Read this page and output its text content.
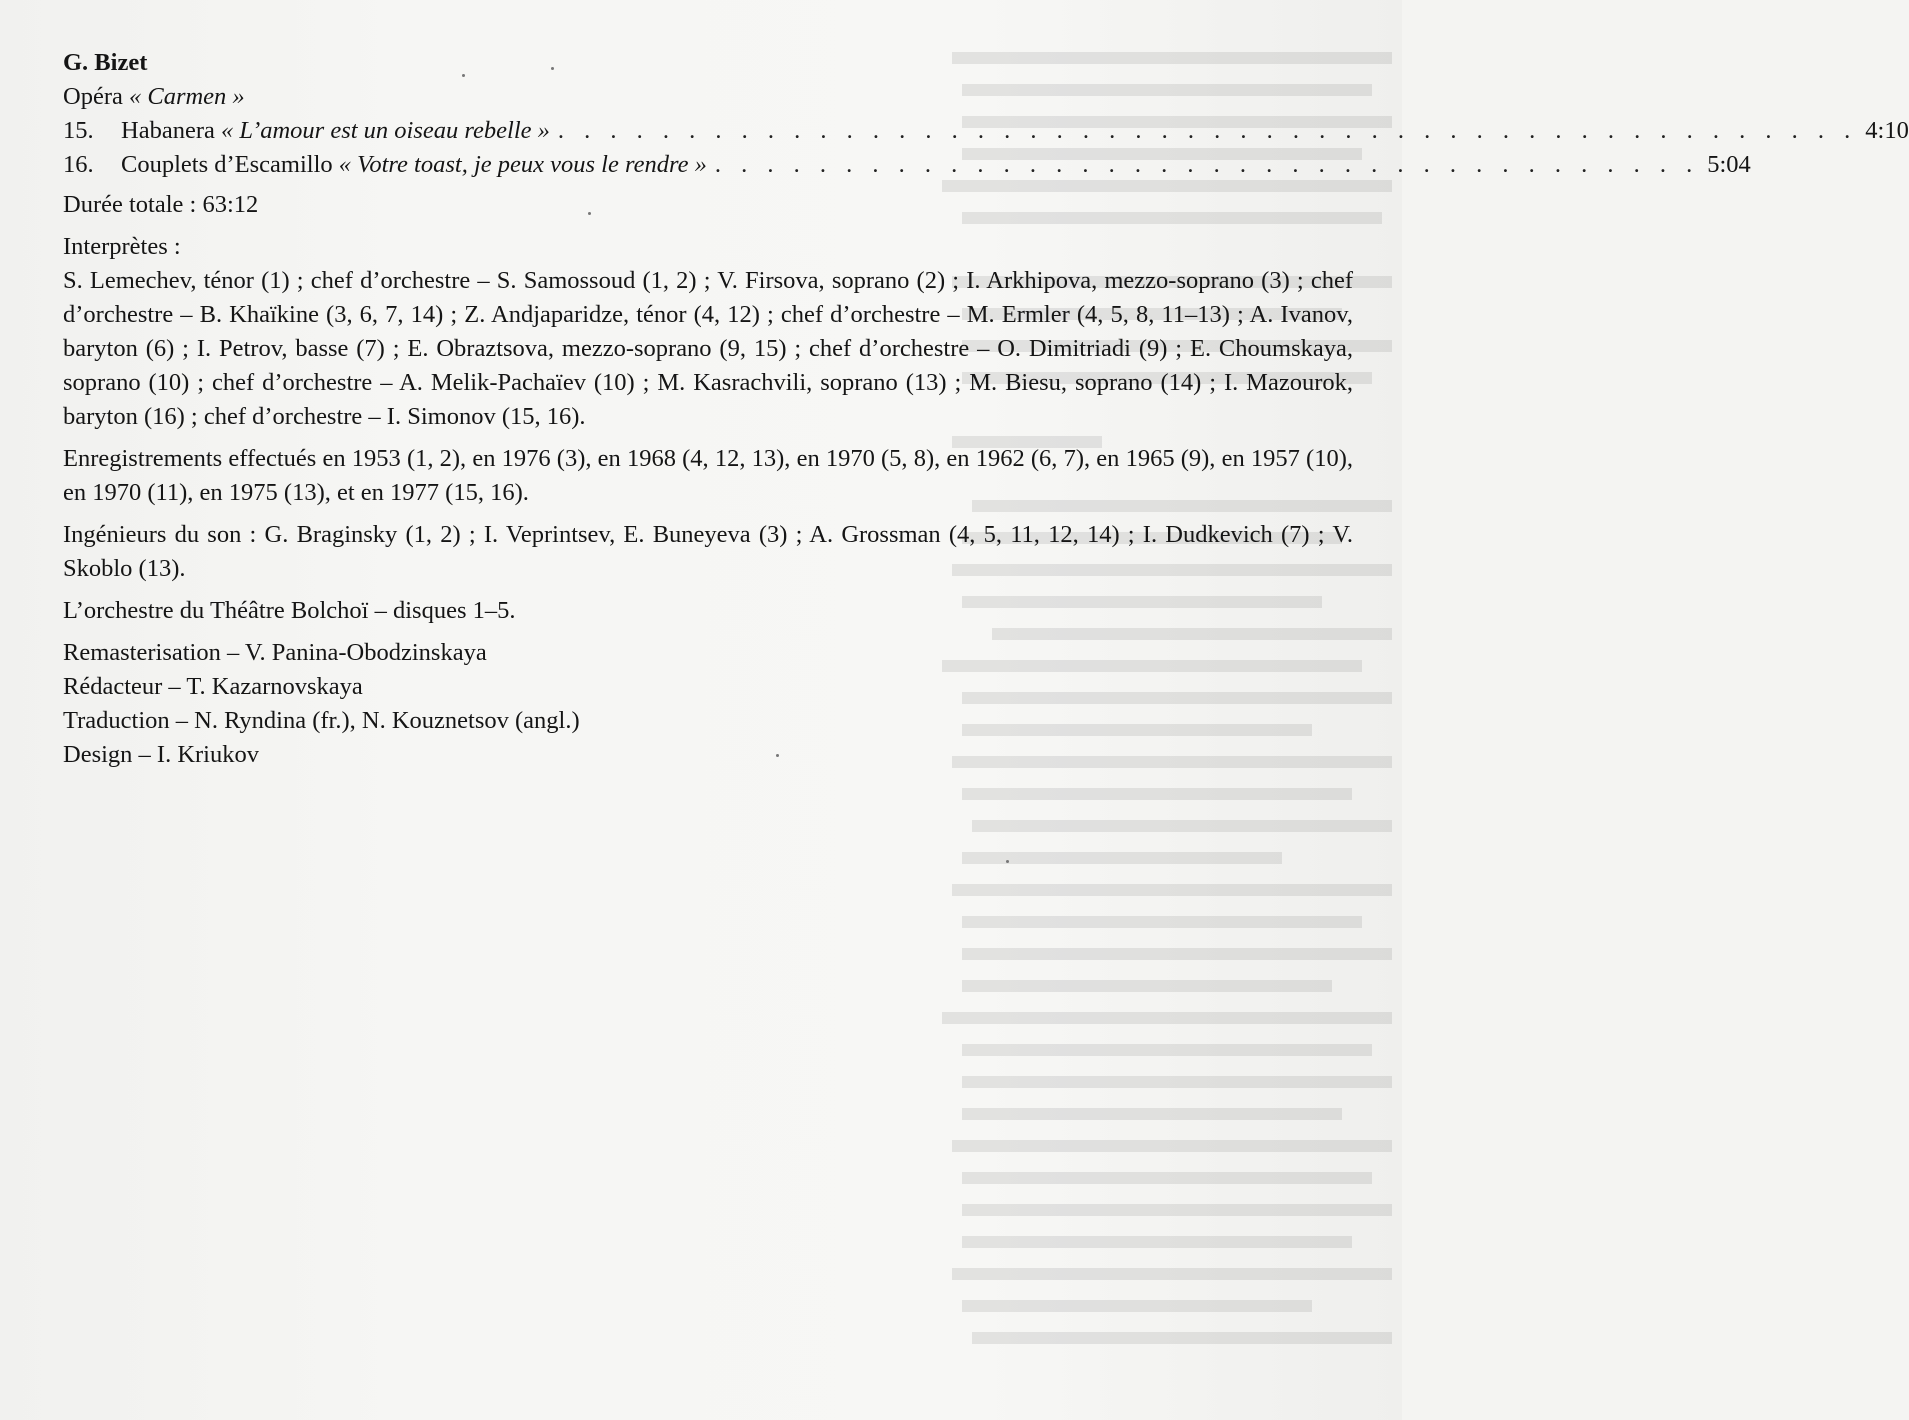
G. Bizet

Opéra « Carmen »

15.	Habanera « L’amour est un oiseau rebelle » . . . . . . . . . . . . . . . . . . . . . . . . . . . . . . . . . . . . . . . . . . . . . . . . . . 4:10
16.	Couplets d’Escamillo « Votre toast, je peux vous le rendre » . . . . . . . . . . . . . . . . . . . . . . . . . . . . . . . . . . . . . . 5:04

Durée totale : 63:12

Interprètes :

S. Lemechev, ténor (1) ; chef d’orchestre – S. Samossoud (1, 2) ; V. Firsova, soprano (2) ; I. Arkhipova, mezzo-soprano (3) ; chef d’orchestre – B. Khaïkine (3, 6, 7, 14) ; Z. Andjaparidze, ténor (4, 12) ; chef d’orchestre – M. Ermler (4, 5, 8, 11–13) ; A. Ivanov, baryton (6) ; I. Petrov, basse (7) ; E. Obraztsova, mezzo-soprano (9, 15) ; chef d’orchestre – O. Dimitriadi (9) ; E. Choumskaya, soprano (10) ; chef d’orchestre – A. Melik-Pachaïev (10) ; M. Kasrachvili, soprano (13) ; M. Biesu, soprano (14) ; I. Mazourok, baryton (16) ; chef d’orchestre – I. Simonov (15, 16).

Enregistrements effectués en 1953 (1, 2), en 1976 (3), en 1968 (4, 12, 13), en 1970 (5, 8), en 1962 (6, 7), en 1965 (9), en 1957 (10), en 1970 (11), en 1975 (13), et en 1977 (15, 16).

Ingénieurs du son : G. Braginsky (1, 2) ; I. Veprintsev, E. Buneyeva (3) ; A. Grossman (4, 5, 11, 12, 14) ; I. Dudkevich (7) ; V. Skoblo (13).

L’orchestre du Théâtre Bolchoï – disques 1–5.

Remasterisation – V. Panina-Obodzinskaya

Rédacteur – T. Kazarnovskaya

Traduction – N. Ryndina (fr.), N. Kouznetsov (angl.)

Design – I. Kriukov
